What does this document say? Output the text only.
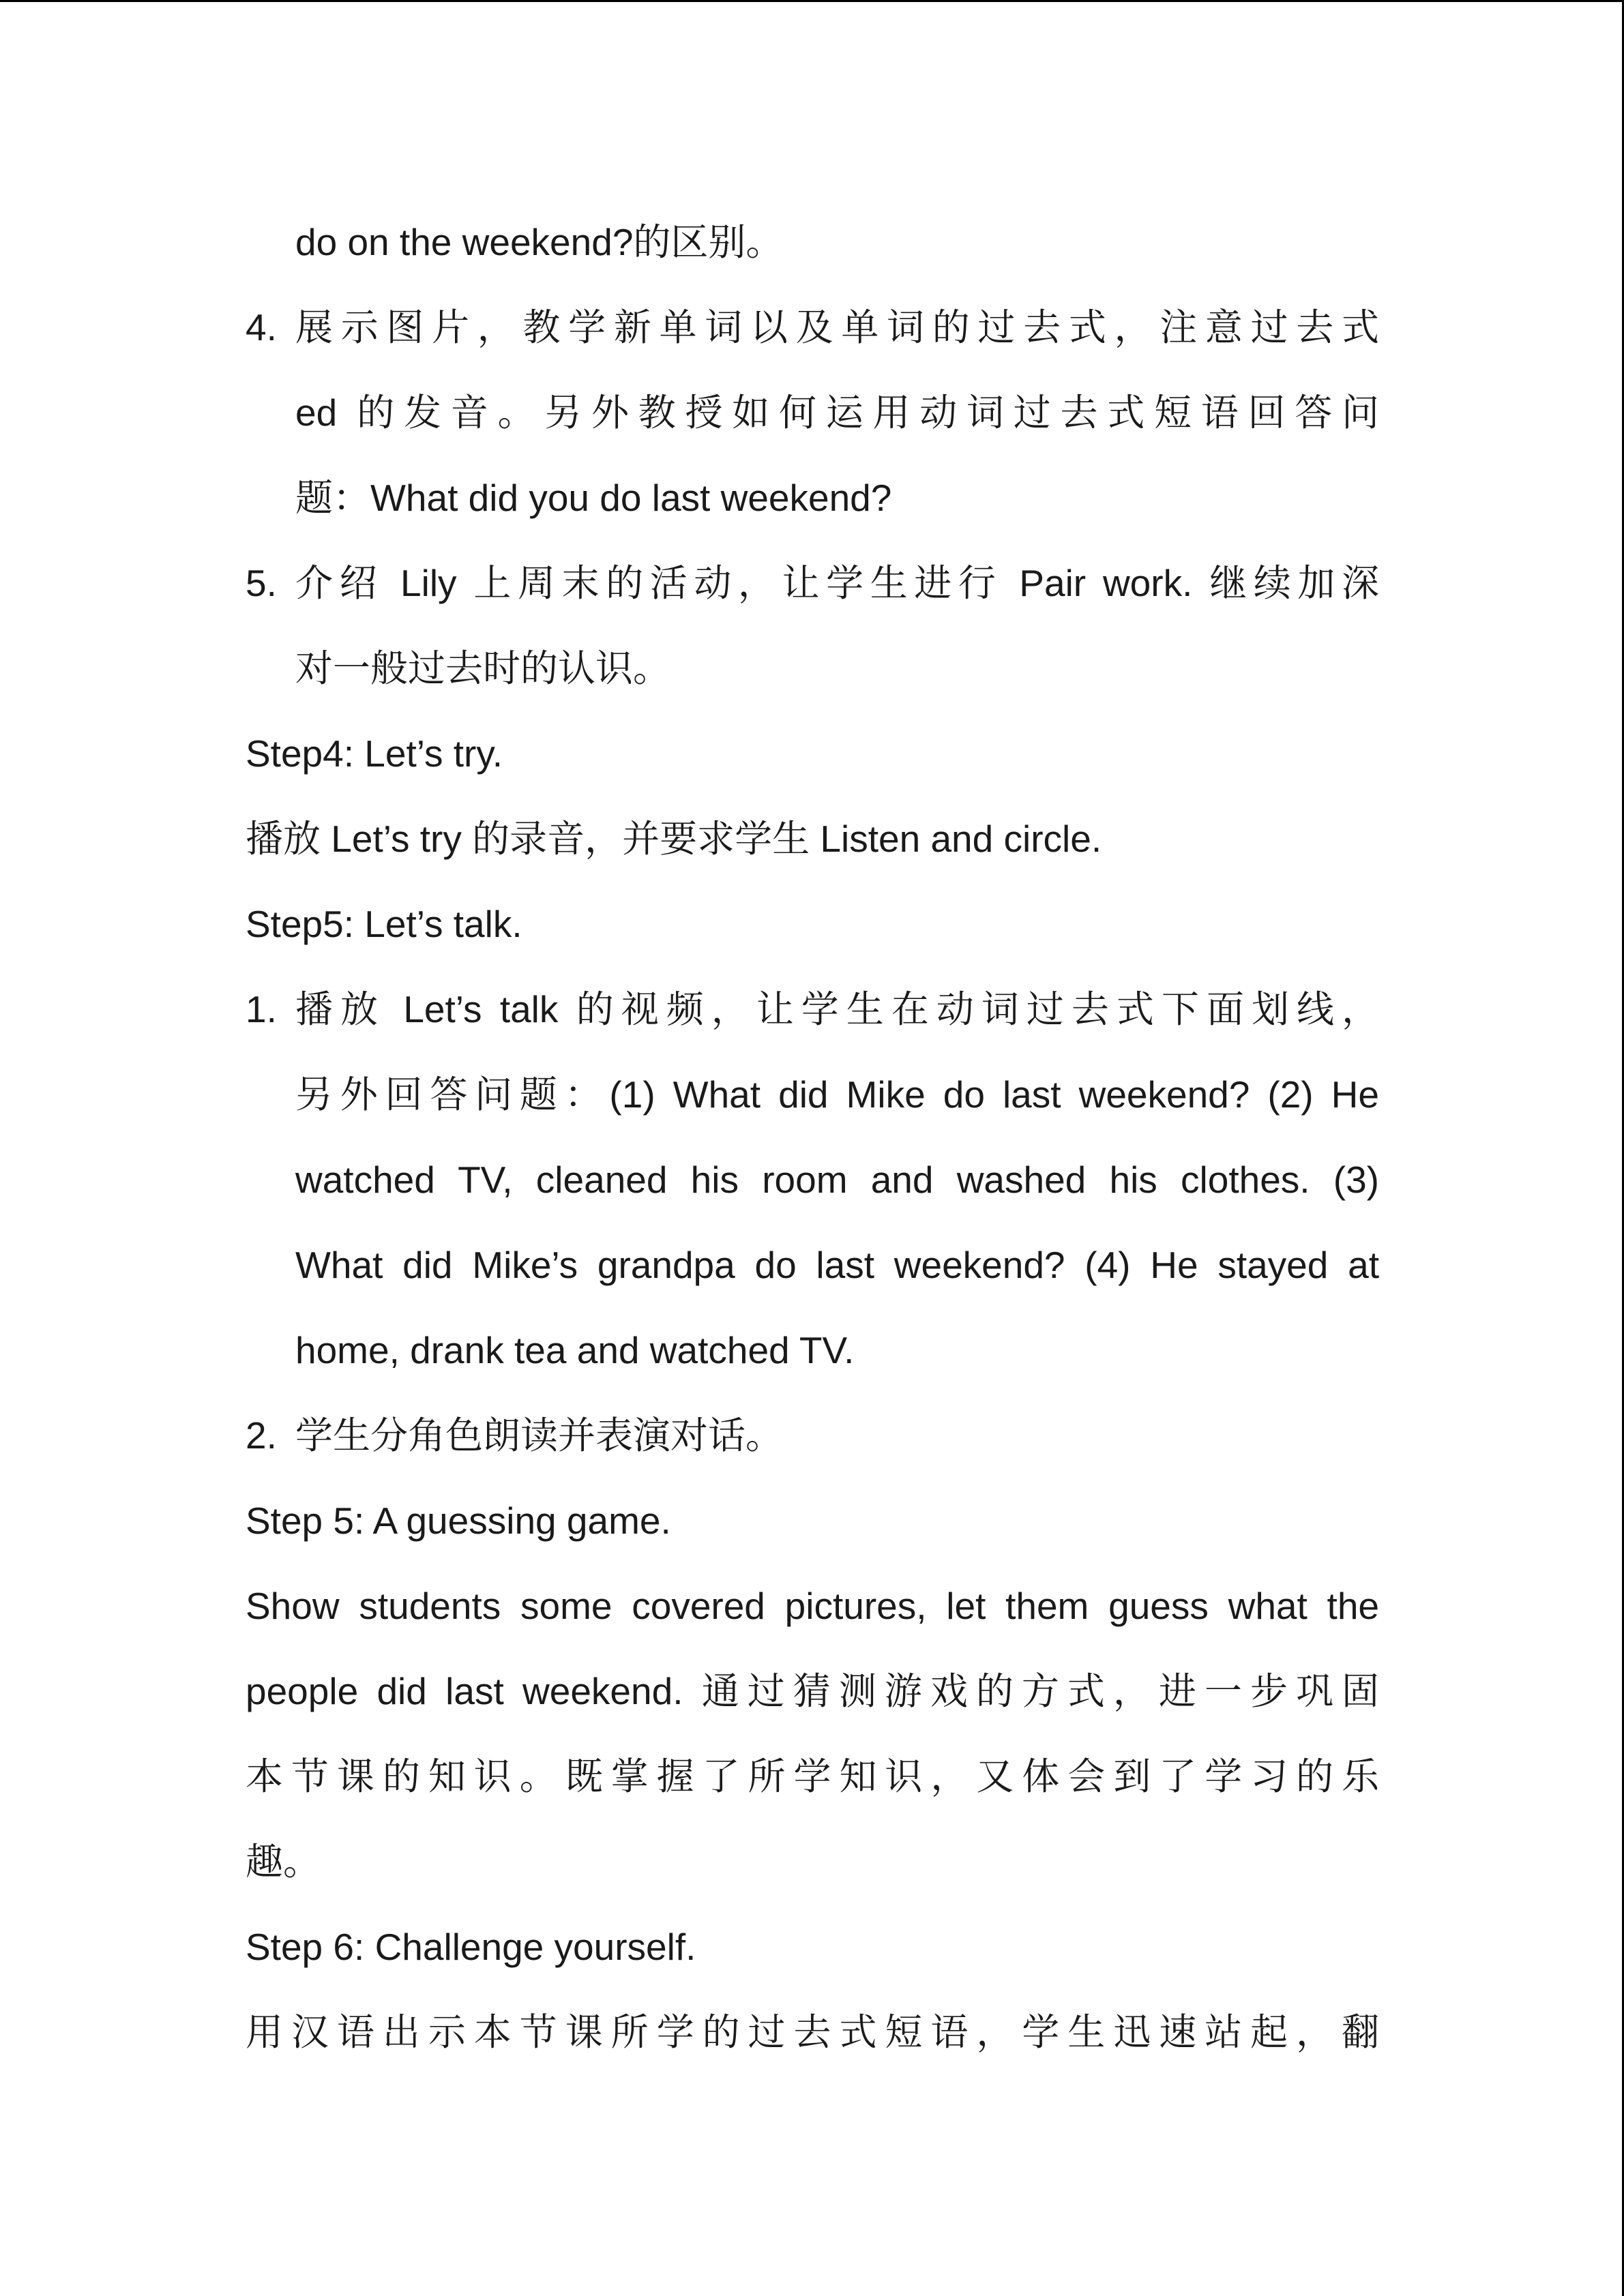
do on the weekend?的区别。
4. 展示图片，教学新单词以及单词的过去式，注意过去式
ed 的发音。另外教授如何运用动词过去式短语回答问
题：What did you do last weekend?
5. 介绍 Lily 上周末的活动，让学生进行 Pair work. 继续加深
对一般过去时的认识。
Step4: Let’s try.
播放 Let’s try 的录音，并要求学生 Listen and circle.
Step5: Let’s talk.
1. 播放 Let’s talk 的视频，让学生在动词过去式下面划线，
另外回答问题：(1) What did Mike do last weekend? (2) He
watched TV, cleaned his room and washed his clothes. (3)
What did Mike’s grandpa do last weekend? (4) He stayed at
home, drank tea and watched TV.
2. 学生分角色朗读并表演对话。
Step 5: A guessing game.
Show students some covered pictures, let them guess what the
people did last weekend. 通过猜测游戏的方式，进一步巩固
本节课的知识。既掌握了所学知识，又体会到了学习的乐
趣。
Step 6: Challenge yourself.
用汉语出示本节课所学的过去式短语，学生迅速站起，翻
